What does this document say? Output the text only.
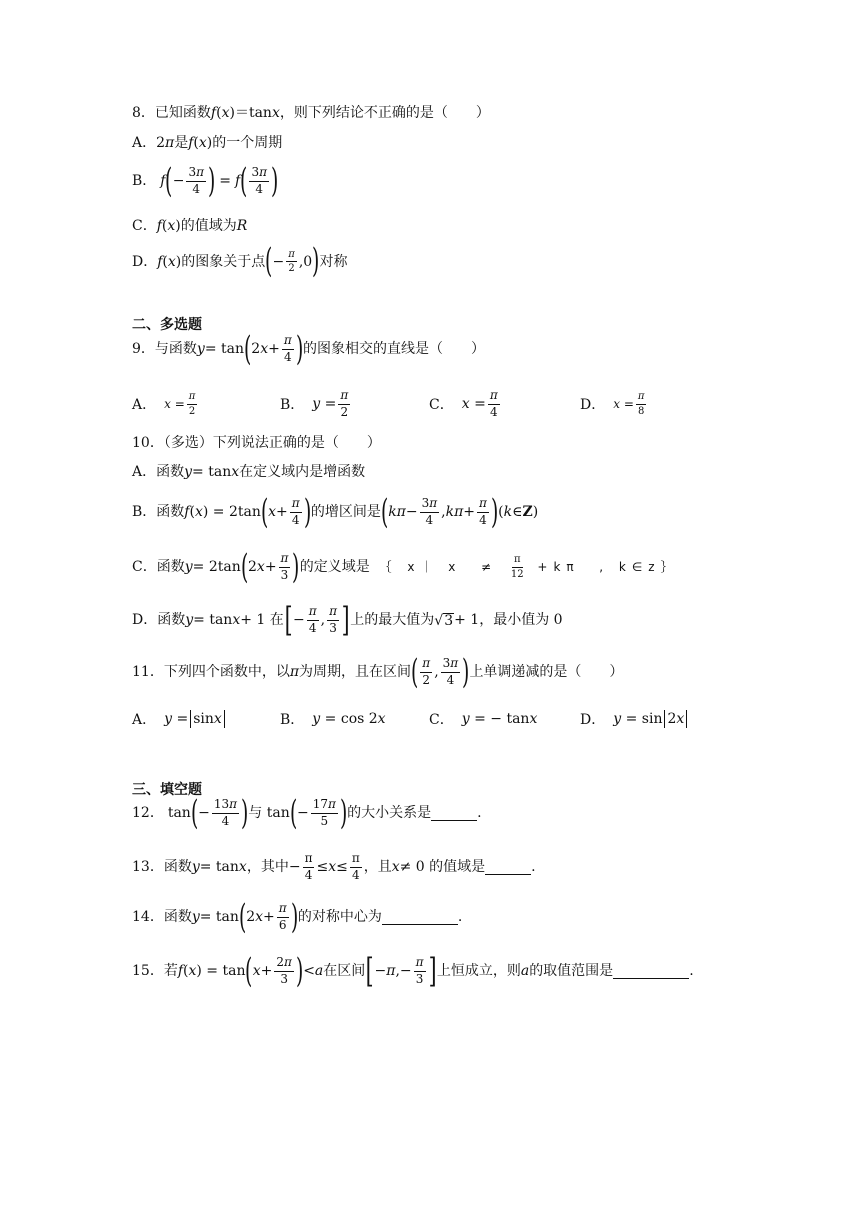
8．已知函数 f ( x )＝tan x ，则下列结论不正确的是（　　）
A．2 π 是 f ( x )的一个周期
B． f ( − $\frac{3\pi}{4}$ ) = f ( $\frac{3\pi}{4}$ )
C． f ( x )的值域为 R
D． f ( x )的图象关于点 ( − $\frac{\pi}{2} ,0$ ) 对称
二、多选题
9．与函数 y = tan ( 2 $x + \frac{\pi}{4}$ ) 的图象相交的直线是（　　）
A． $x = \frac{\pi}{2}$	B． $y = \frac{\pi}{2}$	C． $x = \frac{\pi}{4}$	D． $x = \frac{\pi}{8}$
10．（多选）下列说法正确的是（　　）
A．函数 y = tan x 在定义域内是增函数
B．函数 f ( x ) = 2tan ( $x + \frac{\pi}{4}$ ) 的增区间是 ( $k\pi - \frac{3\pi}{4}$ , $k\pi + \frac{\pi}{4}$ ) ( k ∈ Z )
C．函数 y = 2tan ( 2 $x + \frac{\pi}{3}$ ) 的定义域是 ｛ x｜ $x \ne \frac{\pi}{12} +k\pi$  , k∈z｝
D．函数 y = tan x + 1 在 [ − $\frac{\pi}{4}$ , $\frac{\pi}{3}$ ] 上的最大值为 √ 3 + 1，最小值为 0
11．下列四个函数中，以 π 为周期，且在区间 ( $\frac{\pi}{2}$ , $\frac{3\pi}{4}$ ) 上单调递减的是（　　）
A． y = sin x	B． y = cos 2 x	C． y = − tan x	D． y = sin 2 x
三、填空题
12． tan ( − $\frac{13\pi}{4}$ ) 与 tan ( − $\frac{17\pi}{5}$ ) 的大小关系是	.
13．函数 y = tan x ，其中− $\frac{\pi}{4} \le x \le \frac{\pi}{4}$ ，且 x ≠ 0 的值域是	.
14．函数 y = tan ( 2 $x + \frac{\pi}{6}$ ) 的对称中心为	.
15．若 f ( x ) = tan ( $x + \frac{2\pi}{3}$ ) < a 在区间 [ − π ,− $\frac{\pi}{3}$ ] 上恒成立，则 a 的取值范围是	.
